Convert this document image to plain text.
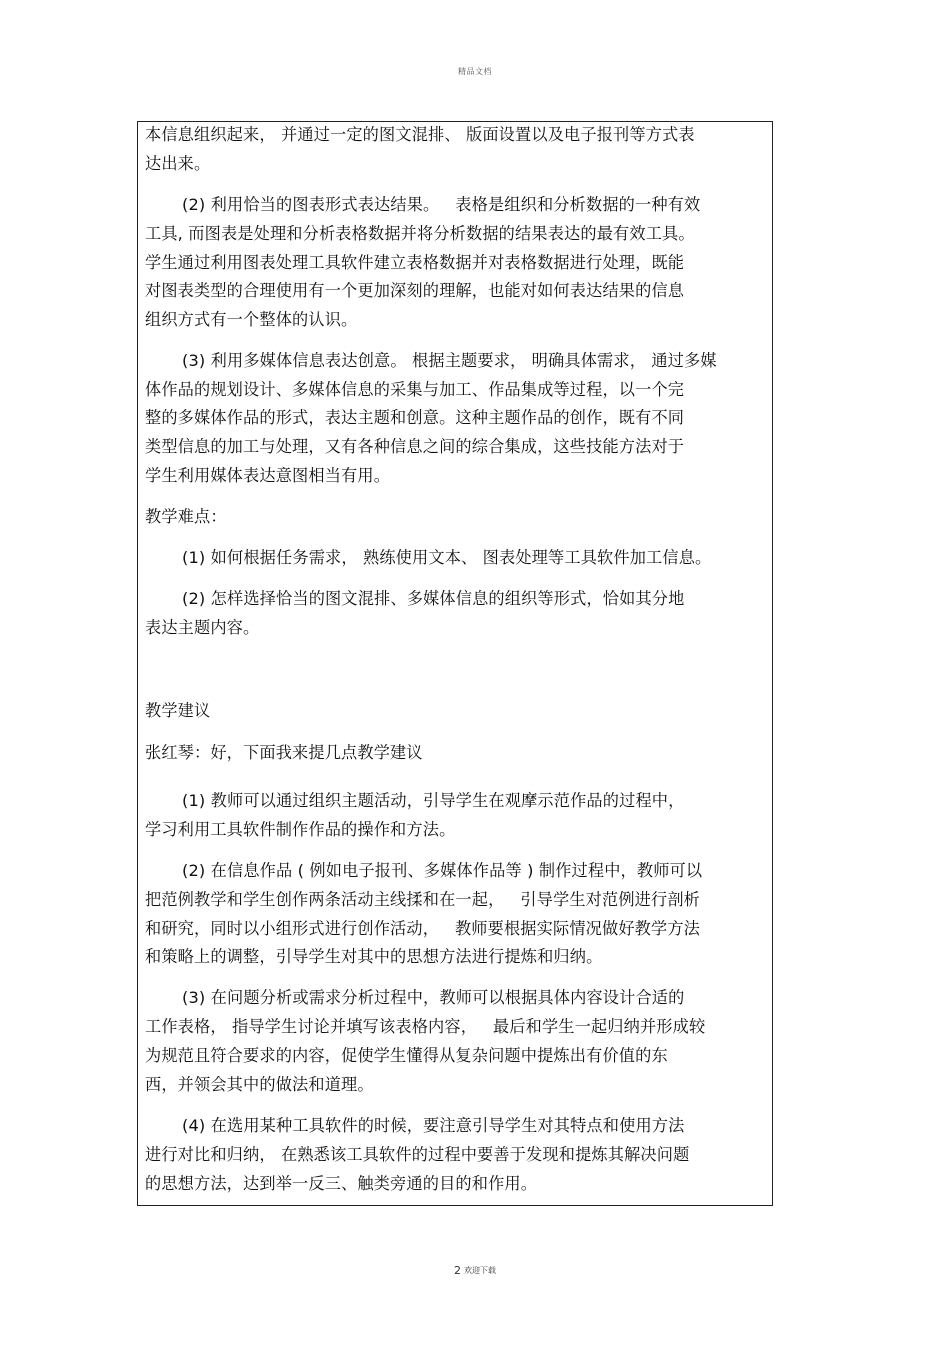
精品文档
本信息组织起来， 并通过一定的图文混排、 版面设置以及电子报刊等方式表
达出来。
(2) 利用恰当的图表形式表达结果。   表格是组织和分析数据的一种有效
工具, 而图表是处理和分析表格数据并将分析数据的结果表达的最有效工具。
学生通过利用图表处理工具软件建立表格数据并对表格数据进行处理，既能
对图表类型的合理使用有一个更加深刻的理解，也能对如何表达结果的信息
组织方式有一个整体的认识。
(3) 利用多媒体信息表达创意。 根据主题要求， 明确具体需求， 通过多媒
体作品的规划设计、多媒体信息的采集与加工、作品集成等过程，以一个完
整的多媒体作品的形式，表达主题和创意。这种主题作品的创作，既有不同
类型信息的加工与处理，又有各种信息之间的综合集成，这些技能方法对于
学生利用媒体表达意图相当有用。
教学难点：
(1) 如何根据任务需求， 熟练使用文本、 图表处理等工具软件加工信息。
(2) 怎样选择恰当的图文混排、多媒体信息的组织等形式，恰如其分地
表达主题内容。
教学建议
张红琴：好，下面我来提几点教学建议
(1) 教师可以通过组织主题活动，引导学生在观摩示范作品的过程中，
学习利用工具软件制作作品的操作和方法。
(2) 在信息作品 ( 例如电子报刊、多媒体作品等 ) 制作过程中，教师可以
把范例教学和学生创作两条活动主线揉和在一起，   引导学生对范例进行剖析
和研究，同时以小组形式进行创作活动，   教师要根据实际情况做好教学方法
和策略上的调整，引导学生对其中的思想方法进行提炼和归纳。
(3) 在问题分析或需求分析过程中，教师可以根据具体内容设计合适的
工作表格， 指导学生讨论并填写该表格内容，   最后和学生一起归纳并形成较
为规范且符合要求的内容，促使学生懂得从复杂问题中提炼出有价值的东
西，并领会其中的做法和道理。
(4) 在选用某种工具软件的时候，要注意引导学生对其特点和使用方法
进行对比和归纳， 在熟悉该工具软件的过程中要善于发现和提炼其解决问题
的思想方法，达到举一反三、触类旁通的目的和作用。
2 欢迎下载
